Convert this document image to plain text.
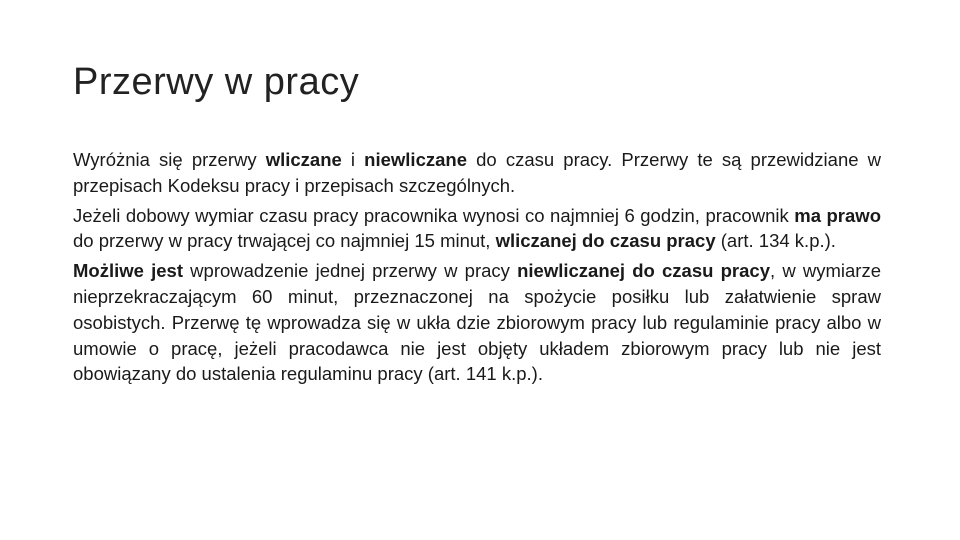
Przerwy w pracy

Wyróżnia się przerwy wliczane i niewliczane do czasu pracy. Przerwy te są przewidziane w przepisach Kodeksu pracy i przepisach szczególnych.

Jeżeli dobowy wymiar czasu pracy pracownika wynosi co najmniej 6 godzin, pracownik ma prawo do przerwy w pracy trwającej co najmniej 15 minut, wliczanej do czasu pracy (art. 134 k.p.).

Możliwe jest wprowadzenie jednej przerwy w pracy niewliczanej do czasu pracy, w wymiarze nieprzekraczającym 60 minut, przeznaczonej na spożycie posiłku lub załatwienie spraw osobistych. Przerwę tę wprowadza się w ukła dzie zbiorowym pracy lub regulaminie pracy albo w umowie o pracę, jeżeli pracodawca nie jest objęty układem zbiorowym pracy lub nie jest obowiązany do ustalenia regulaminu pracy (art. 141 k.p.).
